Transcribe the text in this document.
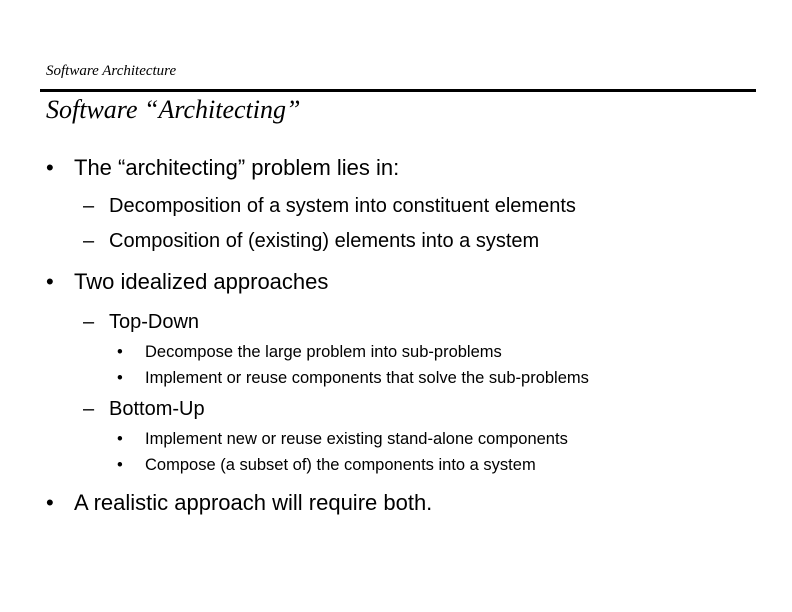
Software Architecture
Software “Architecting”
• The “architecting” problem lies in:
– Decomposition of a system into constituent elements
– Composition of (existing) elements into a system
• Two idealized approaches
– Top-Down
•	Decompose the large problem into sub-problems
•	Implement or reuse components that solve the sub-problems
– Bottom-Up
•	Implement new or reuse existing stand-alone components
•	Compose (a subset of) the components into a system
• A realistic approach will require both.
